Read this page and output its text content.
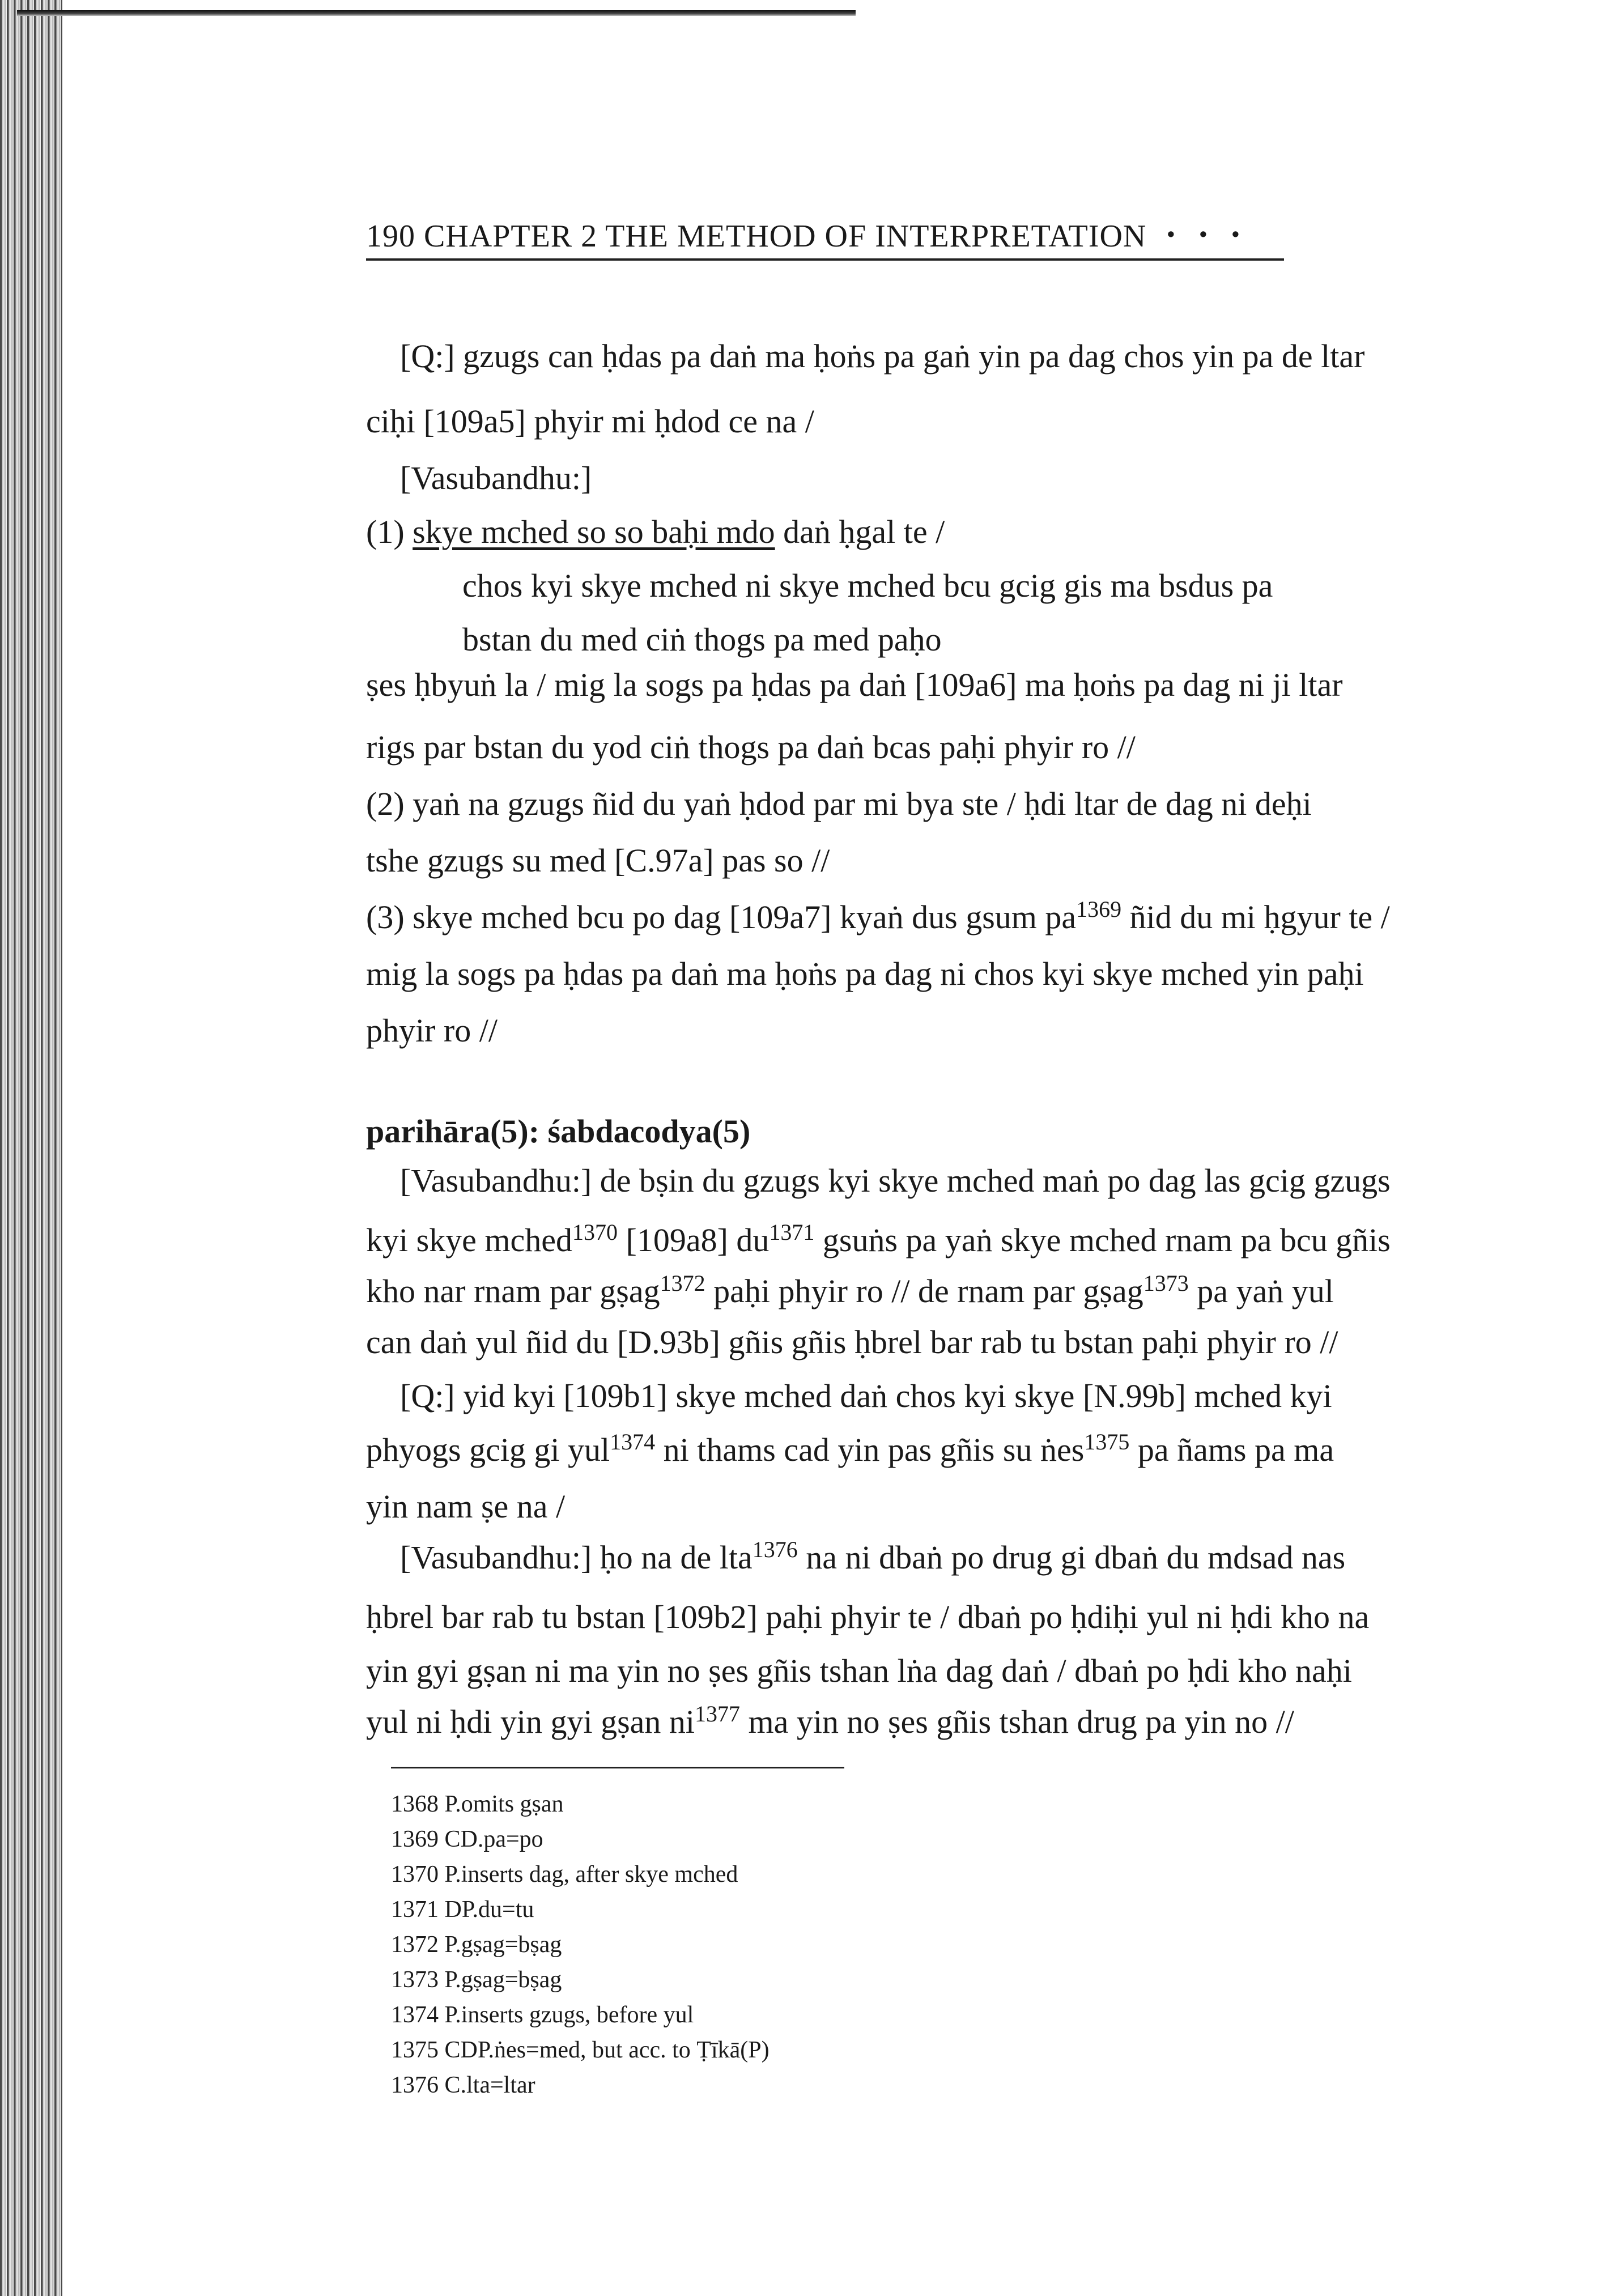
190 CHAPTER 2 THE METHOD OF INTERPRETATION ・・・
[Q:] gzugs can ḥdas pa daṅ ma ḥoṅs pa gaṅ yin pa dag chos yin pa de ltar
ciḥi [109a5] phyir mi ḥdod ce na /
[Vasubandhu:]
(1) skye mched so so baḥi mdo daṅ ḥgal te /
chos kyi skye mched ni skye mched bcu gcig gis ma bsdus pa
bstan du med ciṅ thogs pa med paḥo
ṣes ḥbyuṅ la / mig la sogs pa ḥdas pa daṅ [109a6] ma ḥoṅs pa dag ni ji ltar
rigs par bstan du yod ciṅ thogs pa daṅ bcas paḥi phyir ro //
(2) yaṅ na gzugs ñid du yaṅ ḥdod par mi bya ste / ḥdi ltar de dag ni deḥi
tshe gzugs su med [C.97a] pas so //
(3) skye mched bcu po dag [109a7] kyaṅ dus gsum $pa^{1369}$ ñid du mi ḥgyur te /
mig la sogs pa ḥdas pa daṅ ma ḥoṅs pa dag ni chos kyi skye mched yin paḥi
phyir ro //
parihāra(5): śabdacodya(5)
[Vasubandhu:] de bṣin du gzugs kyi skye mched maṅ po dag las gcig gzugs
kyi skye mched$^{1370}$ [109a8] $du^{1371}$ gsuṅs pa yaṅ skye mched rnam pa bcu gñis
kho nar rnam par gṣag$^{1372}$ paḥi phyir ro // de rnam par gṣag$^{1373}$ pa yaṅ yul
can daṅ yul ñid du [D.93b] gñis gñis ḥbrel bar rab tu bstan paḥi phyir ro //
[Q:] yid kyi [109b1] skye mched daṅ chos kyi skye [N.99b] mched kyi
phyogs gcig gi yul$^{1374}$ ni thams cad yin pas gñis su ṅes$^{1375}$ pa ñams pa ma
yin nam ṣe na /
[Vasubandhu:] ḥo na de lta$^{1376}$ na ni dbaṅ po drug gi dbaṅ du mdsad nas
ḥbrel bar rab tu bstan [109b2] paḥi phyir te / dbaṅ po ḥdiḥi yul ni ḥdi kho na
yin gyi gṣan ni ma yin no ṣes gñis tshan lṅa dag daṅ / dbaṅ po ḥdi kho naḥi
yul ni ḥdi yin gyi gṣan $ni^{1377}$ ma yin no ṣes gñis tshan drug pa yin no //
1368 P.omits gṣan
1369 CD.pa=po
1370 P.inserts dag, after skye mched
1371 DP.du=tu
1372 P.gṣag=bṣag
1373 P.gṣag=bṣag
1374 P.inserts gzugs, before yul
1375 CDP.ṅes=med, but acc. to Ṭīkā(P)
1376 C.lta=ltar
